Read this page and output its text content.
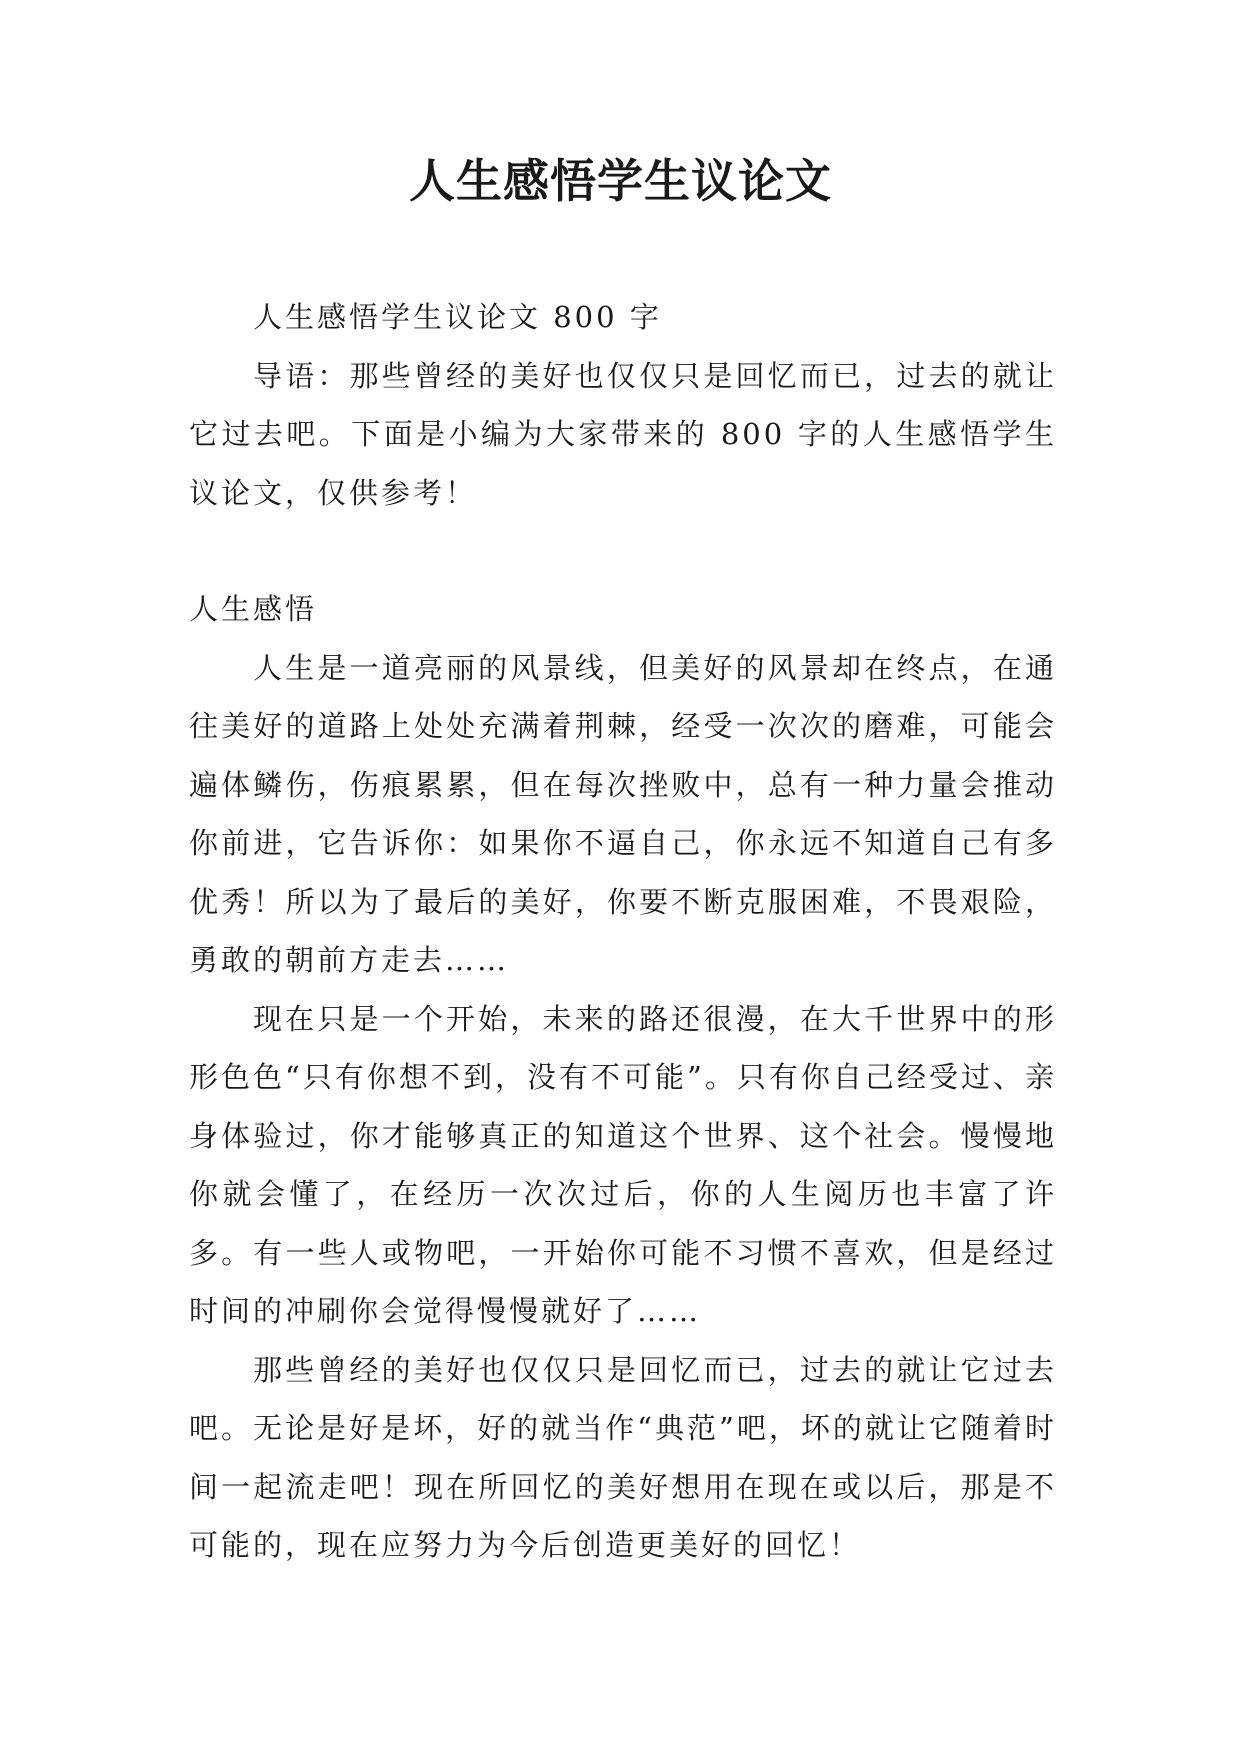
人生感悟学生议论文

人生感悟学生议论文 800 字

导语：那些曾经的美好也仅仅只是回忆而已，过去的就让它过去吧。下面是小编为大家带来的 800 字的人生感悟学生议论文，仅供参考！

人生感悟

人生是一道亮丽的风景线，但美好的风景却在终点，在通往美好的道路上处处充满着荆棘，经受一次次的磨难，可能会遍体鳞伤，伤痕累累，但在每次挫败中，总有一种力量会推动你前进，它告诉你：如果你不逼自己，你永远不知道自己有多优秀！所以为了最后的美好，你要不断克服困难，不畏艰险，勇敢的朝前方走去……

现在只是一个开始，未来的路还很漫，在大千世界中的形形色色“只有你想不到，没有不可能”。只有你自己经受过、亲身体验过，你才能够真正的知道这个世界、这个社会。慢慢地你就会懂了，在经历一次次过后，你的人生阅历也丰富了许多。有一些人或物吧，一开始你可能不习惯不喜欢，但是经过时间的冲刷你会觉得慢慢就好了……

那些曾经的美好也仅仅只是回忆而已，过去的就让它过去吧。无论是好是坏，好的就当作“典范”吧，坏的就让它随着时间一起流走吧！现在所回忆的美好想用在现在或以后，那是不可能的，现在应努力为今后创造更美好的回忆！
